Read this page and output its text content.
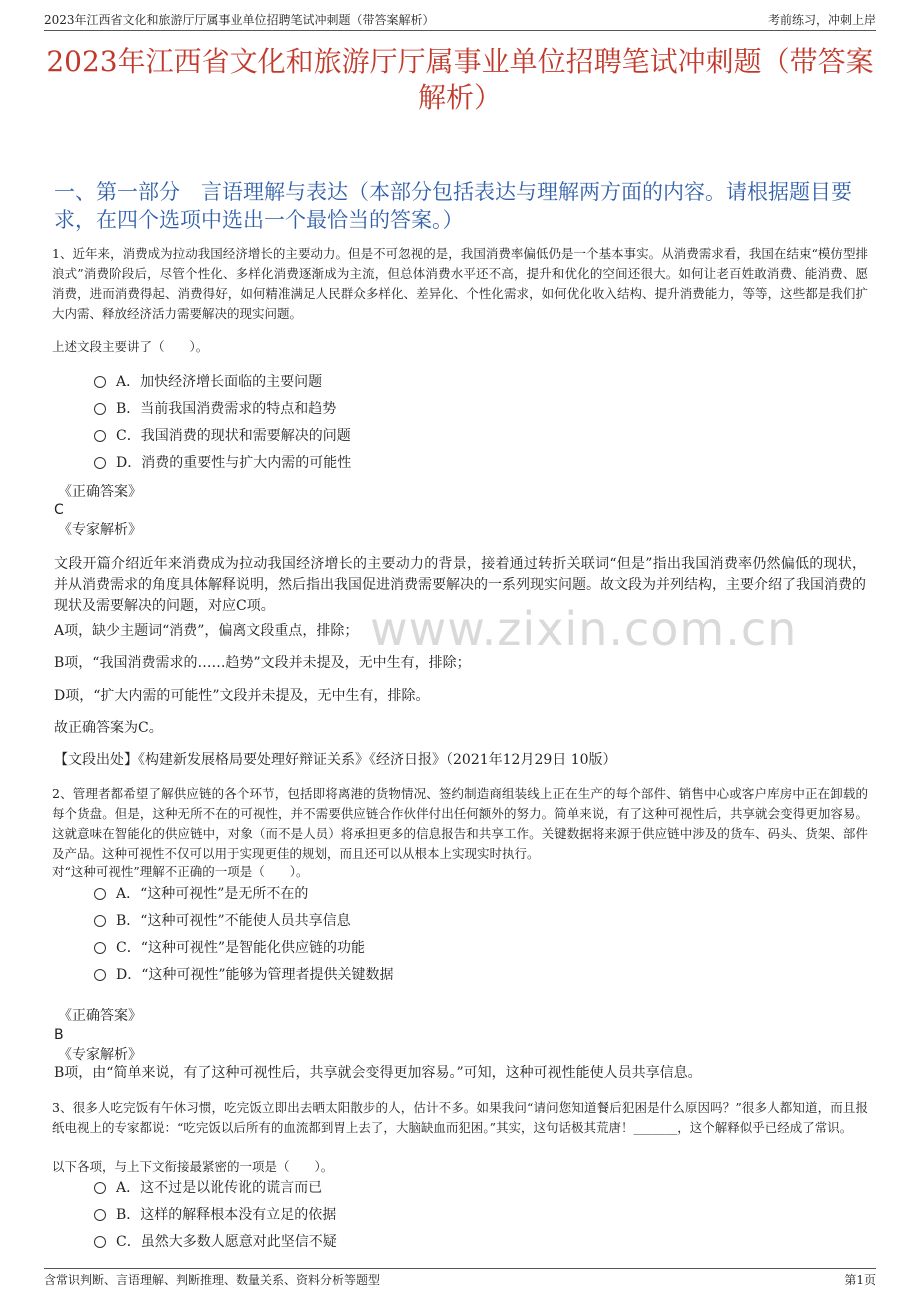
2023年江西省文化和旅游厅厅属事业单位招聘笔试冲刺题（带答案解析）	考前练习，冲刺上岸
2023年江西省文化和旅游厅厅属事业单位招聘笔试冲刺题（带答案解析）
一、第一部分　言语理解与表达（本部分包括表达与理解两方面的内容。请根据题目要求，在四个选项中选出一个最恰当的答案。）
1、近年来，消费成为拉动我国经济增长的主要动力。但是不可忽视的是，我国消费率偏低仍是一个基本事实。从消费需求看，我国在结束“模仿型排浪式”消费阶段后，尽管个性化、多样化消费逐渐成为主流，但总体消费水平还不高，提升和优化的空间还很大。如何让老百姓敢消费、能消费、愿消费，进而消费得起、消费得好，如何精准满足人民群众多样化、差异化、个性化需求，如何优化收入结构、提升消费能力，等等，这些都是我们扩大内需、释放经济活力需要解决的现实问题。
上述文段主要讲了（　　）。
A．加快经济增长面临的主要问题
B．当前我国消费需求的特点和趋势
C．我国消费的现状和需要解决的问题
D．消费的重要性与扩大内需的可能性
《正确答案》
C
《专家解析》
文段开篇介绍近年来消费成为拉动我国经济增长的主要动力的背景，接着通过转折关联词“但是”指出我国消费率仍然偏低的现状，并从消费需求的角度具体解释说明，然后指出我国促进消费需要解决的一系列现实问题。故文段为并列结构，主要介绍了我国消费的现状及需要解决的问题，对应C项。
A项，缺少主题词“消费”，偏离文段重点，排除；
B项，“我国消费需求的……趋势”文段并未提及，无中生有，排除；
D项，“扩大内需的可能性”文段并未提及，无中生有，排除。
故正确答案为C。
【文段出处】《构建新发展格局要处理好辩证关系》《经济日报》（2021年12月29日 10版）
www.zixin.com.cn
2、管理者都希望了解供应链的各个环节，包括即将离港的货物情况、签约制造商组装线上正在生产的每个部件、销售中心或客户库房中正在卸载的每个货盘。但是，这种无所不在的可视性，并不需要供应链合作伙伴付出任何额外的努力。简单来说，有了这种可视性后，共享就会变得更加容易。这就意味在智能化的供应链中，对象（而不是人员）将承担更多的信息报告和共享工作。关键数据将来源于供应链中涉及的货车、码头、货架、部件及产品。这种可视性不仅可以用于实现更佳的规划，而且还可以从根本上实现实时执行。
对“这种可视性”理解不正确的一项是（　　）。
A．“这种可视性”是无所不在的
B．“这种可视性”不能使人员共享信息
C．“这种可视性”是智能化供应链的功能
D．“这种可视性”能够为管理者提供关键数据
《正确答案》
B
《专家解析》
B项，由“简单来说，有了这种可视性后，共享就会变得更加容易。”可知，这种可视性能使人员共享信息。
3、很多人吃完饭有午休习惯，吃完饭立即出去晒太阳散步的人，估计不多。如果我问“请问您知道餐后犯困是什么原因吗？”很多人都知道，而且报纸电视上的专家都说：“吃完饭以后所有的血流都到胃上去了，大脑缺血而犯困。”其实，这句话极其荒唐！_______，这个解释似乎已经成了常识。
以下各项，与上下文衔接最紧密的一项是（　　）。
A．这不过是以讹传讹的谎言而已
B．这样的解释根本没有立足的依据
C．虽然大多数人愿意对此坚信不疑
含常识判断、言语理解、判断推理、数量关系、资料分析等题型	第1页
